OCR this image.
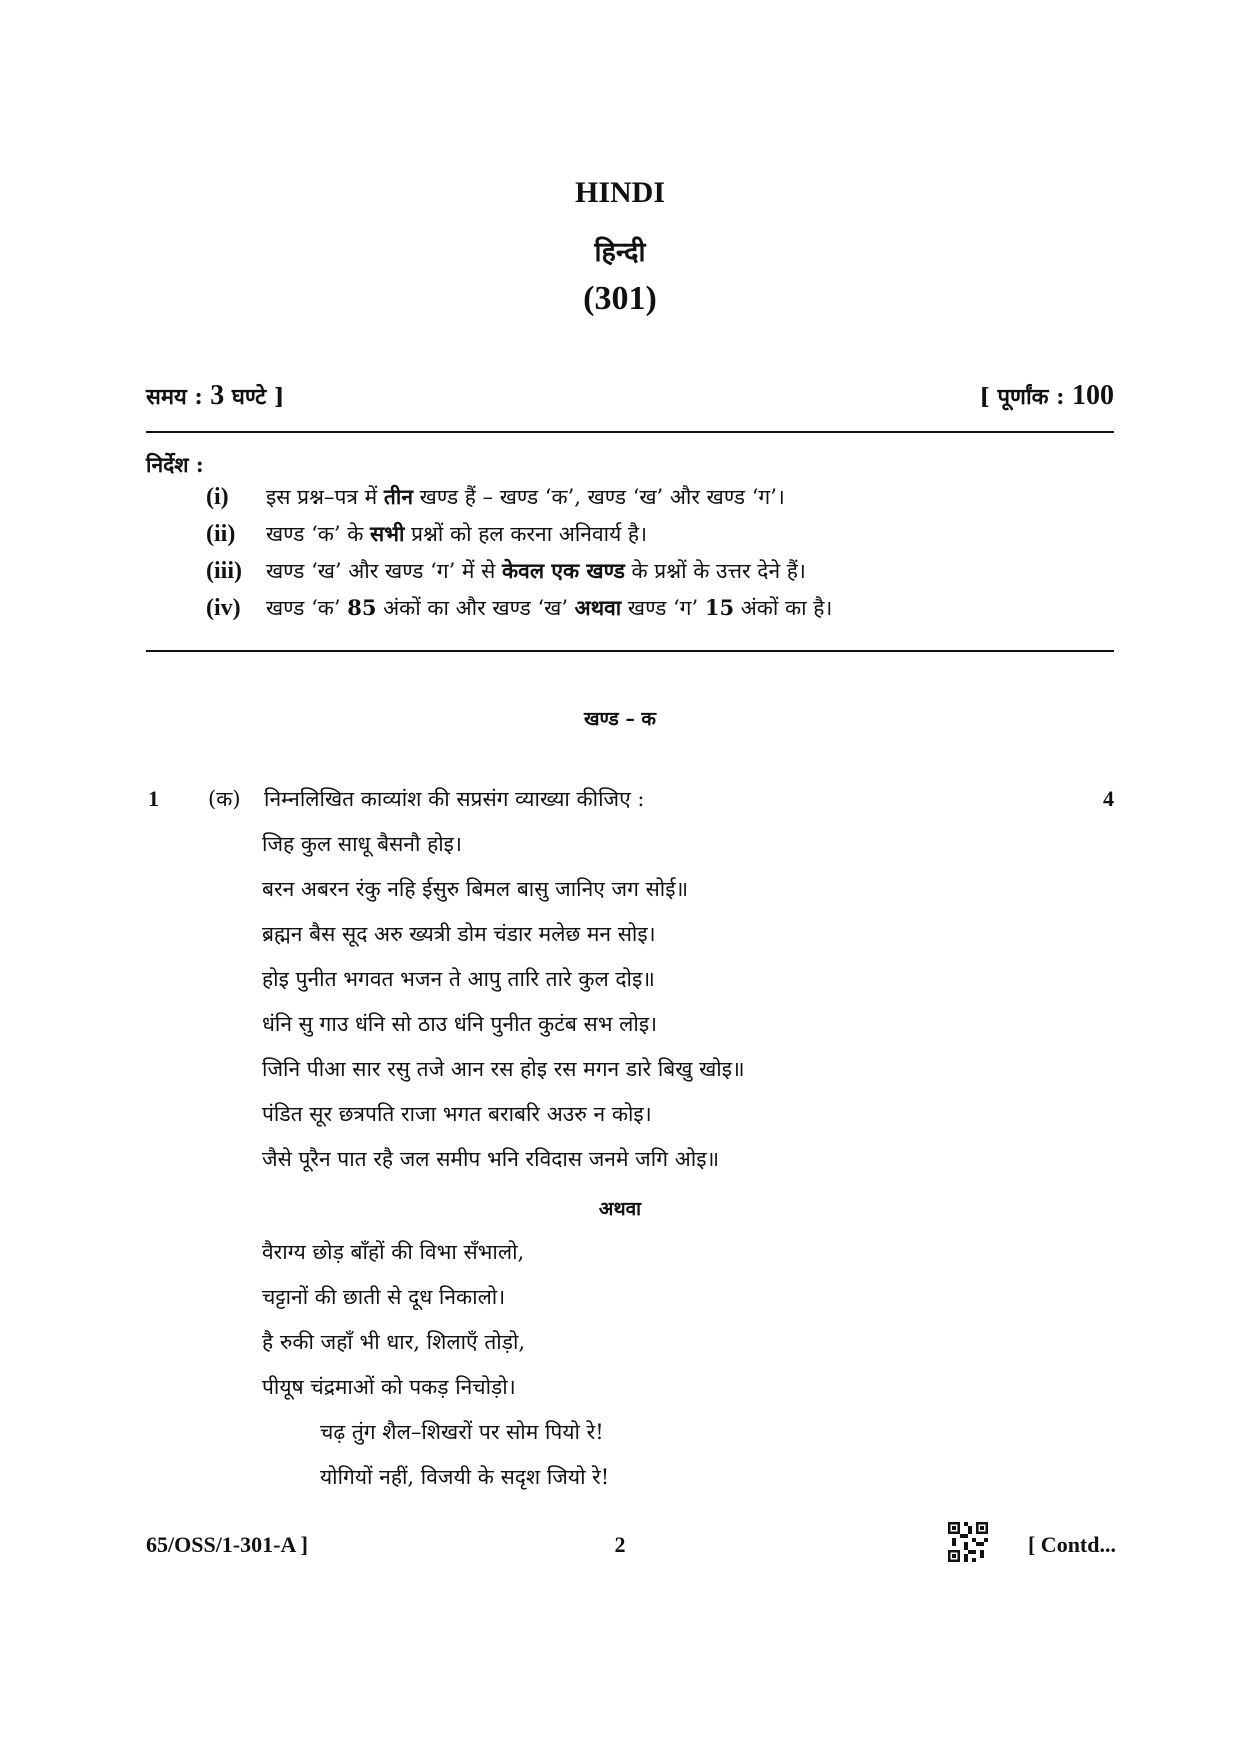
HINDI
हिन्दी
(301)
समय : 3 घण्टे ]	[ पूर्णांक : 100
निर्देश :
(i)	इस प्रश्न–पत्र में तीन खण्ड हैं – खण्ड ‘क’, खण्ड ‘ख’ और खण्ड ‘ग’।
(ii)	खण्ड ‘क’ के सभी प्रश्नों को हल करना अनिवार्य है।
(iii)	खण्ड ‘ख’ और खण्ड ‘ग’ में से केवल एक खण्ड के प्रश्नों के उत्तर देने हैं।
(iv)	खण्ड ‘क’ 85 अंकों का और खण्ड ‘ख’ अथवा खण्ड ‘ग’ 15 अंकों का है।
खण्ड – क
1 (क) निम्नलिखित काव्यांश की सप्रसंग व्याख्या कीजिए :	4
जिह कुल साधू बैसनौ होइ।
बरन अबरन रंकु नहि ईसुरु बिमल बासु जानिए जग सोई॥
ब्रह्मन बैस सूद अरु ख्यत्री डोम चंडार मलेछ मन सोइ।
होइ पुनीत भगवत भजन ते आपु तारि तारे कुल दोइ॥
धंनि सु गाउ धंनि सो ठाउ धंनि पुनीत कुटंब सभ लोइ।
जिनि पीआ सार रसु तजे आन रस होइ रस मगन डारे बिखु खोइ॥
पंडित सूर छत्रपति राजा भगत बराबरि अउरु न कोइ।
जैसे पूरैन पात रहै जल समीप भनि रविदास जनमे जगि ओइ॥
अथवा
वैराग्य छोड़ बाँहों की विभा सँभालो,
चट्टानों की छाती से दूध निकालो।
है रुकी जहाँ भी धार, शिलाएँ तोड़ो,
पीयूष चंद्रमाओं को पकड़ निचोड़ो।
चढ़ तुंग शैल–शिखरों पर सोम पियो रे!
योगियों नहीं, विजयी के सदृश जियो रे!
65/OSS/1-301-A ]	2	[ Contd...
